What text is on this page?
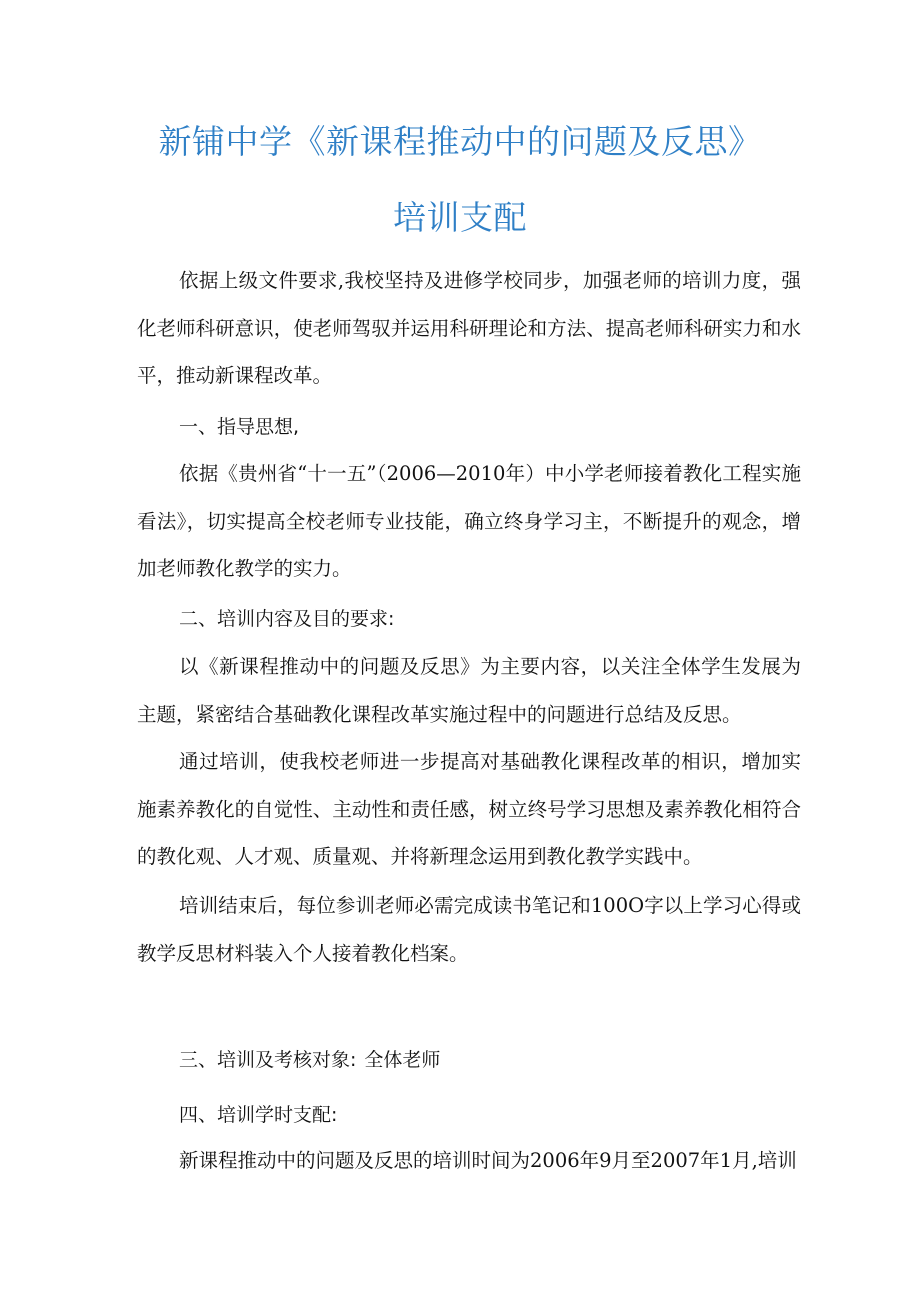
新铺中学《新课程推动中的问题及反思》
培训支配

依据上级文件要求,我校坚持及进修学校同步，加强老师的培训力度，强化老师科研意识，使老师驾驭并运用科研理论和方法、提高老师科研实力和水平，推动新课程改革。

一、指导思想,

依据《贵州省“十一五”（2006—2010年）中小学老师接着教化工程实施看法》，切实提高全校老师专业技能，确立终身学习主，不断提升的观念，增加老师教化教学的实力。

二、培训内容及目的要求:

以《新课程推动中的问题及反思》为主要内容，以关注全体学生发展为主题，紧密结合基础教化课程改革实施过程中的问题进行总结及反思。

通过培训，使我校老师进一步提高对基础教化课程改革的相识，增加实施素养教化的自觉性、主动性和责任感，树立终号学习思想及素养教化相符合的教化观、人才观、质量观、并将新理念运用到教化教学实践中。

培训结束后，每位参训老师必需完成读书笔记和100O字以上学习心得或教学反思材料装入个人接着教化档案。

三、培训及考核对象: 全体老师
四、培训学时支配:

新课程推动中的问题及反思的培训时间为2006年9月至2007年1月,培训
